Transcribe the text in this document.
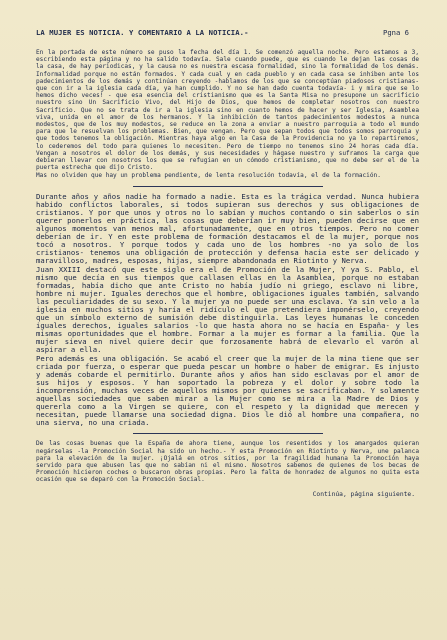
LA MUJER ES NOTICIA. Y COMENTARIO A LA NOTICIA.-	Pgna 6

En la portada de este número se puso la fecha del día 1. Se comenzó aquella noche. Pero estamos a 3, escribiendo esta página y no ha salido todavía. Sale cuando puede, que es cuando le dejan las cosas de la casa, de hay periodicas, y la causa no es nuestra escasa formalidad, sino la formalidad de los demás. Informalidad porque no están formados. Y cada cual y en cada pueblo y en cada casa se inhiben ante los padecimientos de los demás y continúan creyendo -hablamos de los que se conceptúan piadosos cristianas- que con ir a la iglesia cada día, ya han cumplido. Y no se han dado cuenta todavía- i y mira que se lo hemos dicho veces! - que esa esencia del cristianismo que es la Santa Misa no presupone un sacrificio nuestro sino Un Sacrificio Vivo, del Hijo de Dios, que hemos de completar nosotros con nuestro Sacrificio. Que no se trata de ir a la iglesia sino en cuanto hemos de hacer y ser Iglesia, Asamblea viva, unida en el amor de los hermanos. Y la inhibición de tantos padecimientos modestos a nunca modestos, que de los muy modestos, se reduce en la zona a enviar a nuestro parroquia a todo el mundo para que le resuelvan los problemas. Bien, que vengan. Pero que sepan todos que todos somos parroquia y que todos tenemos la obligación. Mientras haya algo en la Casa de la Providencia no ya lo repartiremos, lo cederemos del todo para quienes lo necesiten. Pero de tiempo no tenemos sino 24 horas cada día. Vengan a nosotros el dolor de los demás, y sus necesidades y hágase nuestro y suframos la carga que debieran llevar con nosotros los que se refugian en un cómodo cristianismo, que no debe ser el de la puerta estrecha que dijo Cristo.

Mas no olviden que hay un problema pendiente, de lenta resolución todavía, el de la formación.

Durante años y años nadie ha formado a nadie. Esta es la trágica verdad. Nunca hubiera habido conflictos laborales, si todos supieran sus derechos y sus obligaciones de cristianos. Y por que unos y otros no lo sabían y muchos contando o sin saberlos o sin querer ponerlos en práctica, las cosas que deberían ir muy bien, pueden decirse que en algunos momentos van menos mal, afortunadamente, que en otros tiempos. Pero no comer deberían de ir. Y en este problema de formación destacamos el de la mujer, porque nos tocó a nosotros. Y porque todos y cada uno de los hombres -no ya solo de los cristianos- tenemos una obligación de protección y defensa hacia este ser delicado y maravilloso, madres, esposas, hijas, siempre abandonada en Riotinto y Nerva.

Juan XXIII destacó que este siglo era el de Promoción de la Mujer, Y ya S. Pablo, el mismo que decía en sus tiempos que callasen ellas en la Asamblea, porque no estaban formadas, había dicho que ante Cristo no había judío ni griego, esclavo ni libre, hombre ni mujer. Iguales derechos que el hombre, obligaciones iguales también, salvando las peculiaridades de su sexo. Y la mujer ya no puede ser una esclava. Ya sin velo a la iglesia en muchos sitios y haría el ridículo el que pretendiera imponérselo, creyendo que un símbolo externo de sumisión debe distinguirla. Las leyes humanas le conceden iguales derechos, iguales salarios -lo que hasta ahora no se hacía en España- y les mismas oportunidades que el hombre. Formar a la mujer es formar a la familia. Que la mujer sieva en nivel quiere decir que forzosamente habrá de elevarlo el varón al aspirar a ella.

Pero además es una obligación. Se acabó el creer que la mujer de la mina tiene que ser criada por fuerza, o esperar que pueda pescar un hombre o haber de emigrar. Es injusto y además cobarde el permitirlo. Durante años y años han sido esclavas por el amor de sus hijos y esposos. Y han soportado la pobreza y el dolor y sobre todo la incomprensión, muchas veces de aquellos mismos por quienes se sacrificaban. Y solamente aquellas sociedades que saben mirar a la Mujer como se mira a la Madre de Dios y quererla como a la Virgen se quiere, con el respeto y la dignidad que merecen y necesitan, puede llamarse una sociedad digna. Dios le dió al hombre una compañera, no una sierva, no una criada.

De las cosas buenas que la España de ahora tiene, aunque los resentidos y los amargados quieran negárselas -la Promoción Social ha sido un hecho.- Y esta Promoción en Riotinto y Nerva, une palanca para la elevación de la mujer. ¡Ojalá en otros sitios, por la fragilidad humana la Promoción haya servido para que abusen las que no sabían ni el mismo. Nosotros sabemos de quienes de los becas de Promoción hicieron coches o buscaron obras propias. Pero la falta de honradez de algunos no quita esta ocasión que se deparó con la Promoción Social.

Continúa, página siguiente.
